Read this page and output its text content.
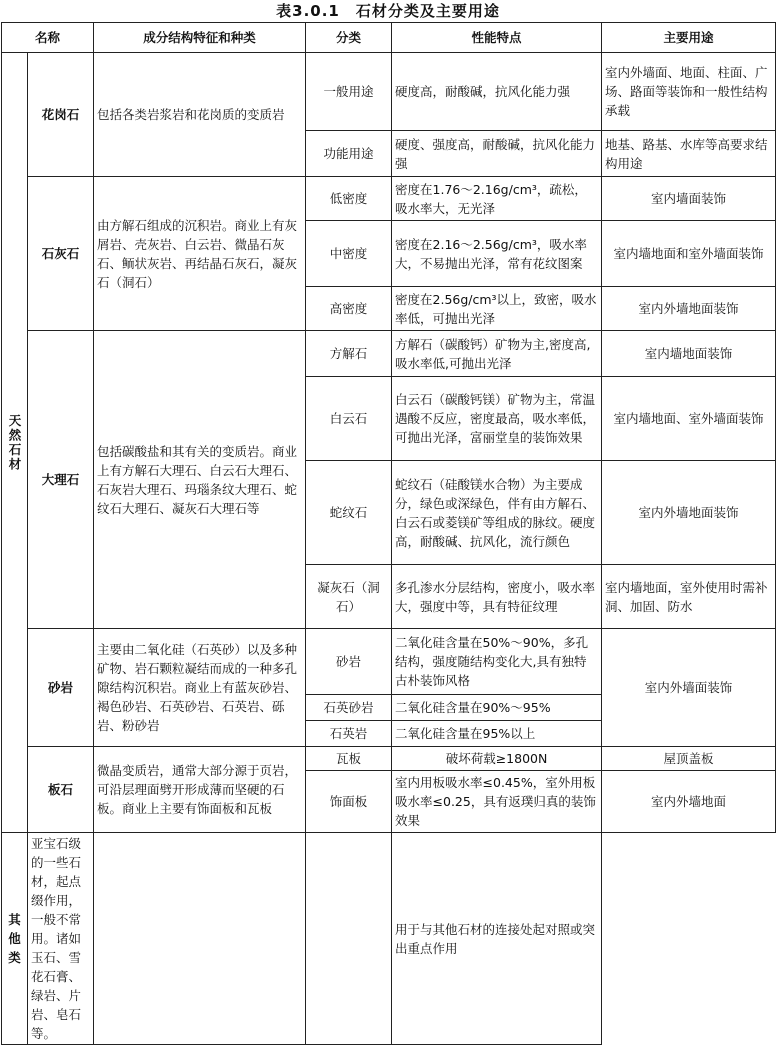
表3.0.1　石材分类及主要用途
名称		成分结构特征和种类	分类	性能特点	主要用途
天然石材	花岗石	包括各类岩浆岩和花岗质的变质岩	一般用途	硬度高，耐酸碱，抗风化能力强	室内外墙面、地面、柱面、广场、路面等装饰和一般性结构承载
			功能用途	硬度、强度高，耐酸碱，抗风化能力强	地基、路基、水库等高要求结构用途
	石灰石	由方解石组成的沉积岩。商业上有灰屑岩、壳灰岩、白云岩、微晶石灰石、鲕状灰岩、再结晶石灰石，凝灰石（洞石）	低密度	密度在1.76～2.16g/cm³，疏松，吸水率大，无光泽	室内墙面装饰
			中密度	密度在2.16～2.56g/cm³，吸水率大，不易抛出光泽，常有花纹图案	室内墙地面和室外墙面装饰
			高密度	密度在2.56g/cm³以上，致密，吸水率低，可抛出光泽	室内外墙地面装饰
	大理石	包括碳酸盐和其有关的变质岩。商业上有方解石大理石、白云石大理石、石灰岩大理石、玛瑙条纹大理石、蛇纹石大理石、凝灰石大理石等	方解石	方解石（碳酸钙）矿物为主,密度高,吸水率低,可抛出光泽	室内墙地面装饰
			白云石	白云石（碳酸钙镁）矿物为主，常温遇酸不反应，密度最高，吸水率低，可抛出光泽，富丽堂皇的装饰效果	室内墙地面、室外墙面装饰
			蛇纹石	蛇纹石（硅酸镁水合物）为主要成分，绿色或深绿色，伴有由方解石、白云石或菱镁矿等组成的脉纹。硬度高，耐酸碱、抗风化，流行颜色	室内外墙地面装饰
			凝灰石（洞石）	多孔渗水分层结构，密度小，吸水率大，强度中等，具有特征纹理	室内墙地面，室外使用时需补洞、加固、防水
	砂岩	主要由二氧化硅（石英砂）以及多种矿物、岩石颗粒凝结而成的一种多孔隙结构沉积岩。商业上有蓝灰砂岩、褐色砂岩、石英砂岩、石英岩、砾岩、粉砂岩	砂岩	二氧化硅含量在50%～90%，多孔结构，强度随结构变化大,具有独特古朴装饰风格	室内外墙面装饰
			石英砂岩	二氧化硅含量在90%～95%	
			石英岩	二氧化硅含量在95%以上	
	板石	微晶变质岩，通常大部分源于页岩，可沿层理面劈开形成薄而坚硬的石板。商业上主要有饰面板和瓦板	瓦板	破坏荷载≥1800N	屋顶盖板
			饰面板	室内用板吸水率≤0.45%，室外用板吸水率≤0.25，具有返璞归真的装饰效果	室内外墙地面
其他类	亚宝石级的一些石材，起点缀作用，一般不常用。诸如玉石、雪花石膏、绿岩、片岩、皂石等。			用于与其他石材的连接处起对照或突出重点作用	
